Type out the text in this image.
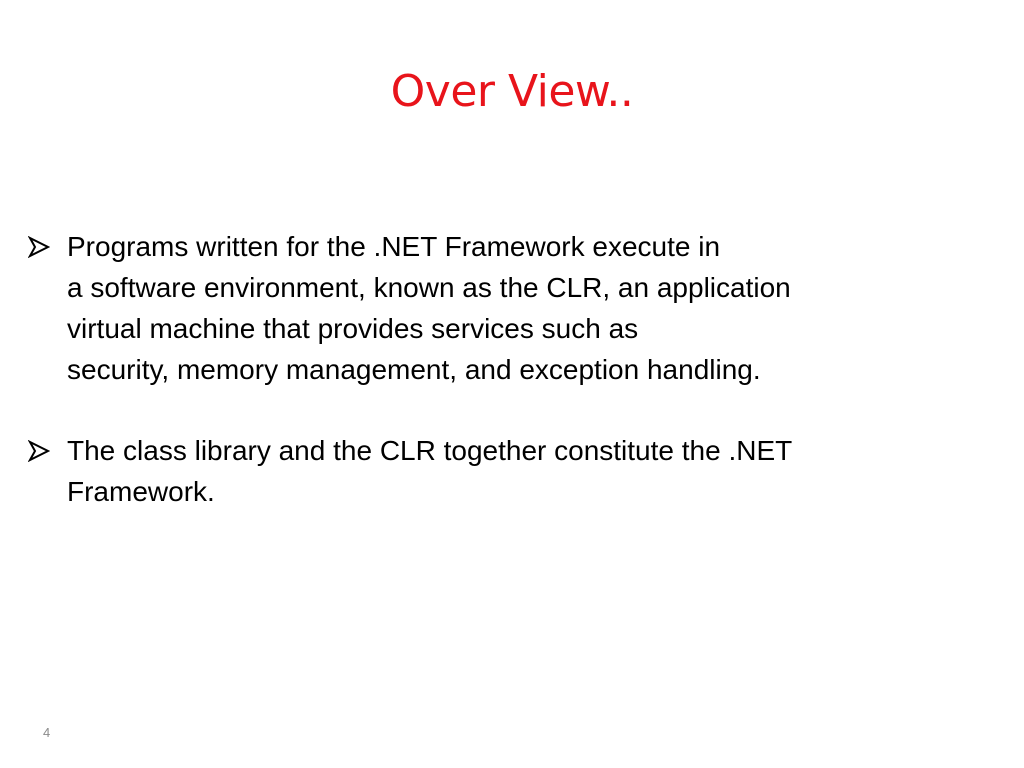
Over View..
Programs written for the .NET Framework execute in
a software environment, known as the CLR, an application
virtual machine that provides services such as
security, memory management, and exception handling.
The class library and the CLR together constitute the .NET
Framework.
4
